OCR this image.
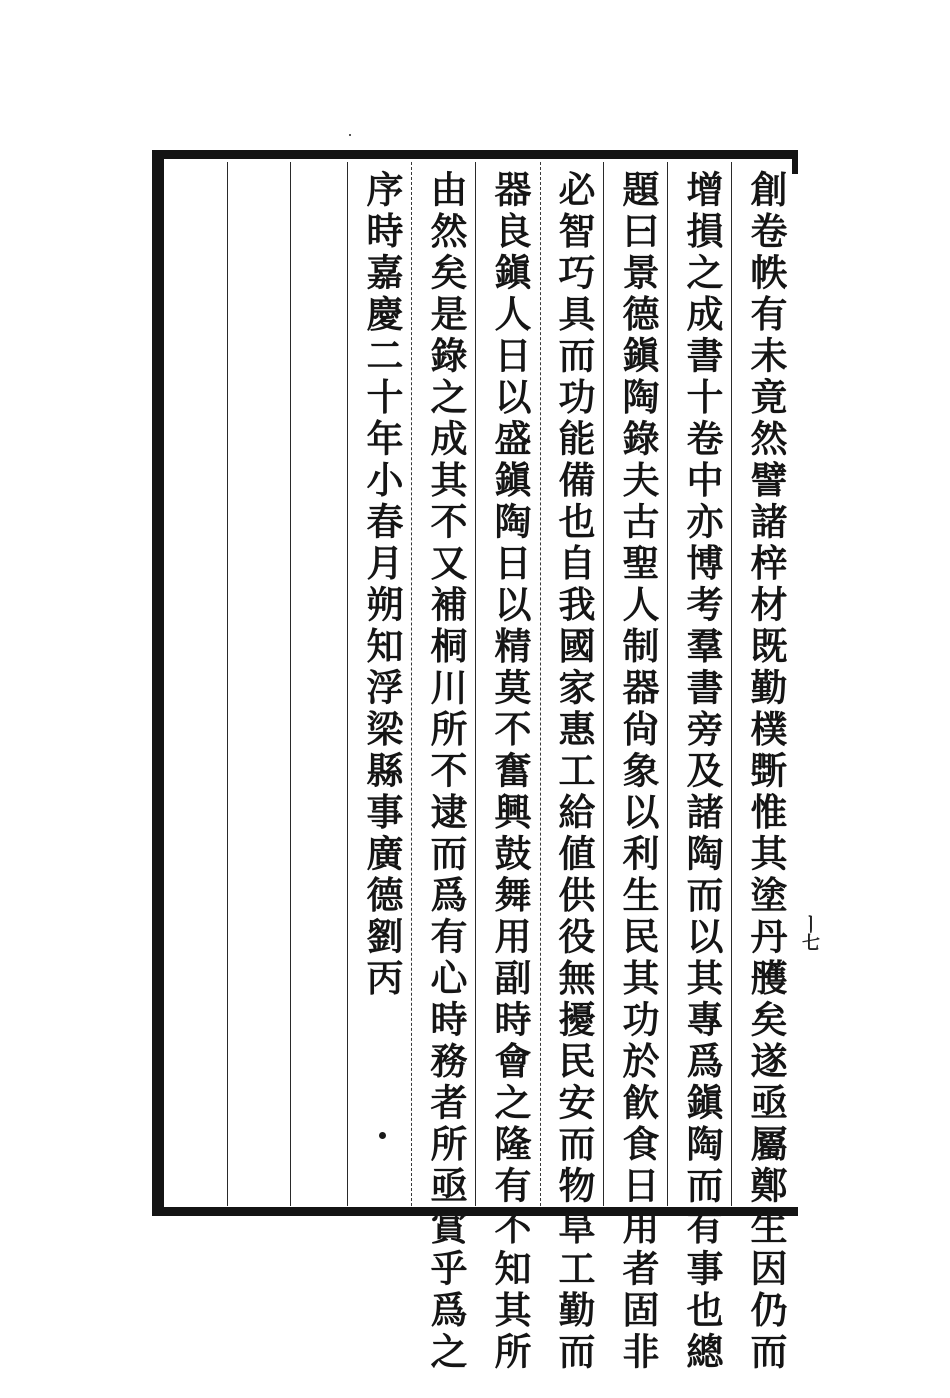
ㅣ七
創卷帙有未竟然譬諸梓材既勤樸斲惟其塗丹雘矣遂亟屬鄭生因仍而
增損之成書十卷中亦博考羣書旁及諸陶而以其專爲鎭陶而有事也總
題曰景德鎭陶錄夫古聖人制器尙象以利生民其功於飮食日用者固非
必智巧具而功能備也自我國家惠工給値供役無擾民安而物阜工勤而
器良鎭人日以盛鎭陶日以精莫不奮興鼓舞用副時會之隆有不知其所
由然矣是錄之成其不又補桐川所不逮而爲有心時務者所亟賞乎爲之
序時嘉慶二十年小春月朔知浮梁縣事廣德劉丙
